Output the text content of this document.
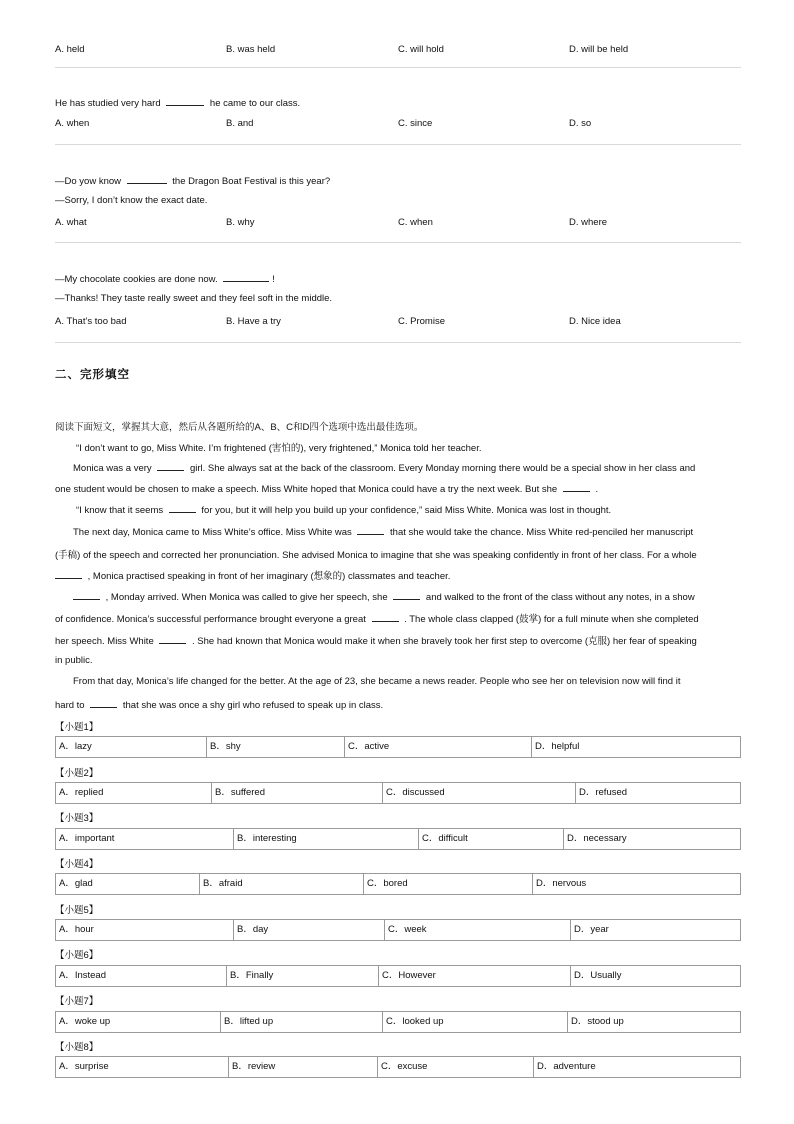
A. held	B. was held	C. will hold	D. will be held
He has studied very hard	he came to our class.
A. when	B. and	C. since	D. so
—Do yow know	the Dragon Boat Festival is this year?
—Sorry, I don’t know the exact date.
A. what	B. why	C. when	D. where
—My chocolate cookies are done now.	!
—Thanks! They taste really sweet and they feel soft in the middle.
A. That’s too bad	B. Have a try	C. Promise	D. Nice idea
二、完形填空
阅读下面短文，掌握其大意，然后从各题所给的A、B、C和D四个选项中选出最佳选项。
“I don’t want to go, Miss White. I’m frightened (害怕的), very frightened,” Monica told her teacher.
Monica was a very	girl. She always sat at the back of the classroom. Every Monday morning there would be a special show in her class and
one student would be chosen to make a speech. Miss White hoped that Monica could have a try the next week. But she	.
“I know that it seems	for you, but it will help you build up your confidence,” said Miss White. Monica was lost in thought.
The next day, Monica came to Miss White’s office. Miss White was	that she would take the chance. Miss White red-penciled her manuscript
(手稿) of the speech and corrected her pronunciation. She advised Monica to imagine that she was speaking confidently in front of her class. For a whole
, Monica practised speaking in front of her imaginary (想象的) classmates and teacher.
, Monday arrived. When Monica was called to give her speech, she	and walked to the front of the class without any notes, in a show
of confidence. Monica’s successful performance brought everyone a great	. The whole class clapped (鼓掌) for a full minute when she completed
her speech. Miss White	. She had known that Monica would make it when she bravely took her first step to overcome (克服) her fear of speaking
in public.
From that day, Monica’s life changed for the better. At the age of 23, she became a news reader. People who see her on television now will find it
hard to	that she was once a shy girl who refused to speak up in class.
【小题1】
A．lazy	B．shy	C．active	D．helpful
【小题2】
A．replied	B．suffered	C．discussed	D．refused
【小题3】
A．important	B．interesting	C．difficult	D．necessary
【小题4】
A．glad	B．afraid	C．bored	D．nervous
【小题5】
A．hour	B．day	C．week	D．year
【小题6】
A．Instead	B．Finally	C．However	D．Usually
【小题7】
A．woke up	B．lifted up	C．looked up	D．stood up
【小题8】
A．surprise	B．review	C．excuse	D．adventure
